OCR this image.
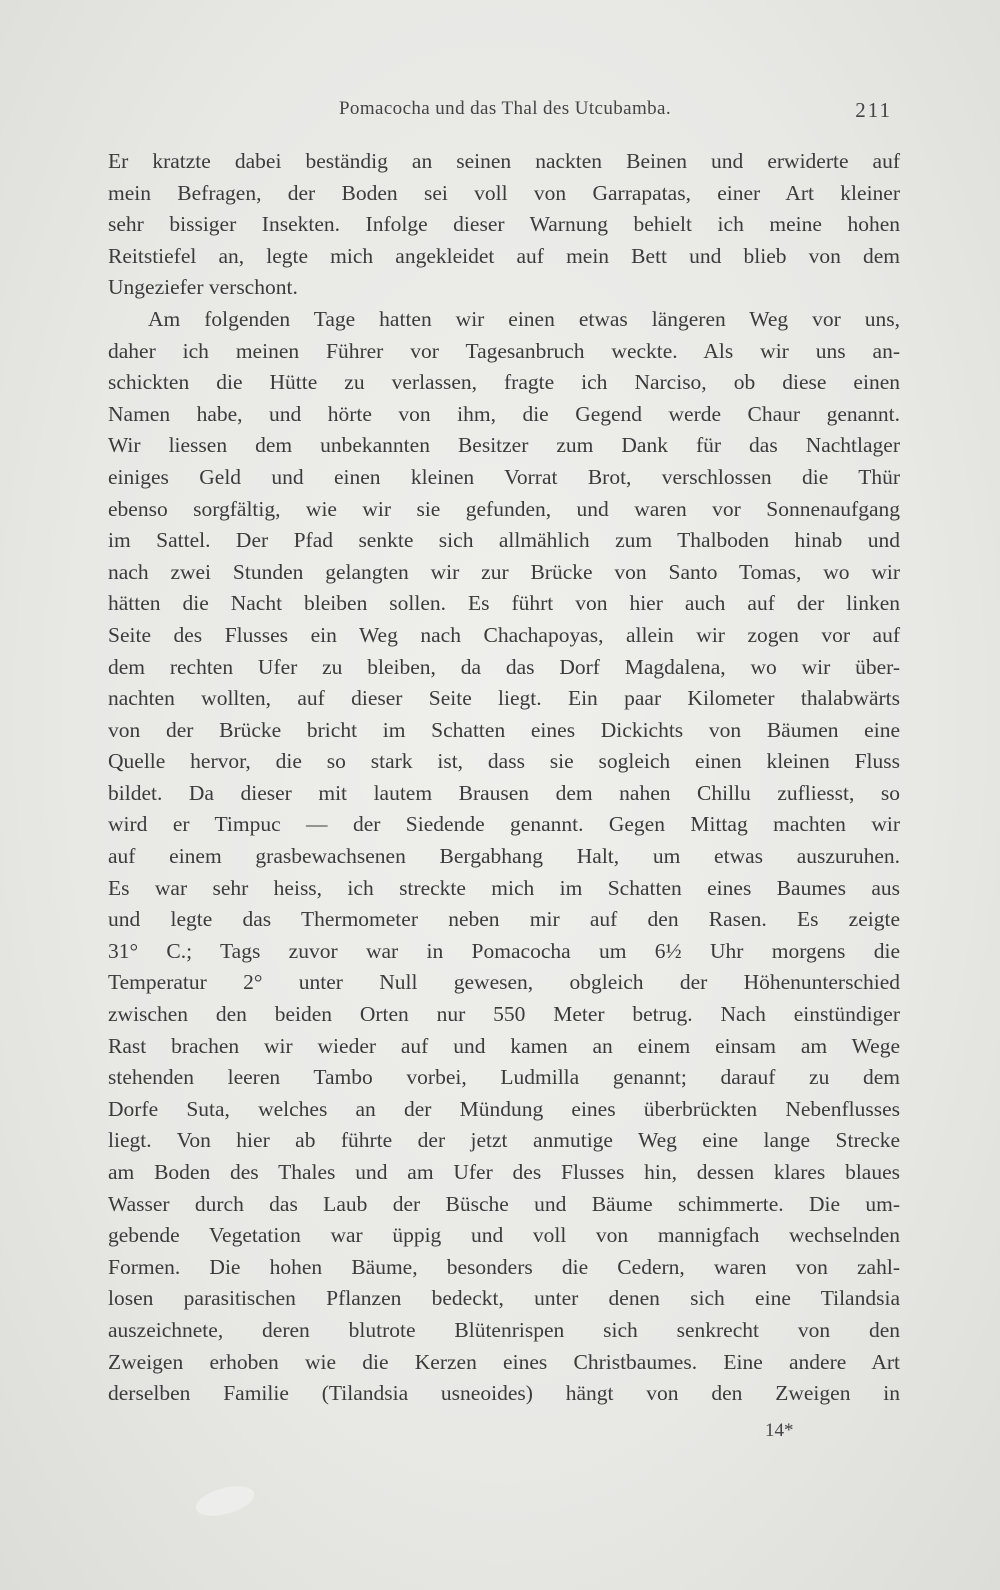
Pomacocha und das Thal des Utcubamba.	211
Er kratzte dabei beständig an seinen nackten Beinen und erwiderte auf
mein Befragen, der Boden sei voll von Garrapatas, einer Art kleiner
sehr bissiger Insekten. Infolge dieser Warnung behielt ich meine hohen
Reitstiefel an, legte mich angekleidet auf mein Bett und blieb von dem
Ungeziefer verschont.
Am folgenden Tage hatten wir einen etwas längeren Weg vor uns,
daher ich meinen Führer vor Tagesanbruch weckte. Als wir uns an-
schickten die Hütte zu verlassen, fragte ich Narciso, ob diese einen
Namen habe, und hörte von ihm, die Gegend werde Chaur genannt.
Wir liessen dem unbekannten Besitzer zum Dank für das Nachtlager
einiges Geld und einen kleinen Vorrat Brot, verschlossen die Thür
ebenso sorgfältig, wie wir sie gefunden, und waren vor Sonnenaufgang
im Sattel. Der Pfad senkte sich allmählich zum Thalboden hinab und
nach zwei Stunden gelangten wir zur Brücke von Santo Tomas, wo wir
hätten die Nacht bleiben sollen. Es führt von hier auch auf der linken
Seite des Flusses ein Weg nach Chachapoyas, allein wir zogen vor auf
dem rechten Ufer zu bleiben, da das Dorf Magdalena, wo wir über-
nachten wollten, auf dieser Seite liegt. Ein paar Kilometer thalabwärts
von der Brücke bricht im Schatten eines Dickichts von Bäumen eine
Quelle hervor, die so stark ist, dass sie sogleich einen kleinen Fluss
bildet. Da dieser mit lautem Brausen dem nahen Chillu zufliesst, so
wird er Timpuc — der Siedende genannt. Gegen Mittag machten wir
auf einem grasbewachsenen Bergabhang Halt, um etwas auszuruhen.
Es war sehr heiss, ich streckte mich im Schatten eines Baumes aus
und legte das Thermometer neben mir auf den Rasen. Es zeigte
31° C.; Tags zuvor war in Pomacocha um 6½ Uhr morgens die
Temperatur 2° unter Null gewesen, obgleich der Höhenunterschied
zwischen den beiden Orten nur 550 Meter betrug. Nach einstündiger
Rast brachen wir wieder auf und kamen an einem einsam am Wege
stehenden leeren Tambo vorbei, Ludmilla genannt; darauf zu dem
Dorfe Suta, welches an der Mündung eines überbrückten Nebenflusses
liegt. Von hier ab führte der jetzt anmutige Weg eine lange Strecke
am Boden des Thales und am Ufer des Flusses hin, dessen klares blaues
Wasser durch das Laub der Büsche und Bäume schimmerte. Die um-
gebende Vegetation war üppig und voll von mannigfach wechselnden
Formen. Die hohen Bäume, besonders die Cedern, waren von zahl-
losen parasitischen Pflanzen bedeckt, unter denen sich eine Tilandsia
auszeichnete, deren blutrote Blütenrispen sich senkrecht von den
Zweigen erhoben wie die Kerzen eines Christbaumes. Eine andere Art
derselben Familie (Tilandsia usneoides) hängt von den Zweigen in
14*
